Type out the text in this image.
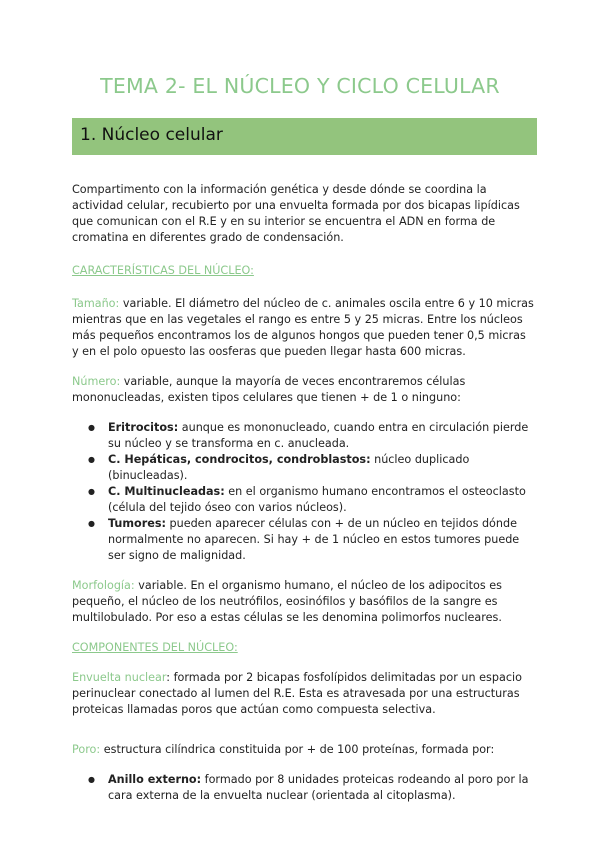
TEMA 2- EL NÚCLEO Y CICLO CELULAR
1. Núcleo celular

Compartimento con la información genética y desde dónde se coordina la actividad celular, recubierto por una envuelta formada por dos bicapas lipídicas que comunican con el R.E y en su interior se encuentra el ADN en forma de cromatina en diferentes grado de condensación.

CARACTERÍSTICAS DEL NÚCLEO:

Tamaño: variable. El diámetro del núcleo de c. animales oscila entre 6 y 10 micras mientras que en las vegetales el rango es entre 5 y 25 micras. Entre los núcleos más pequeños encontramos los de algunos hongos que pueden tener 0,5 micras y en el polo opuesto las oosferas que pueden llegar hasta 600 micras.

Número: variable, aunque la mayoría de veces encontraremos células mononucleadas, existen tipos celulares que tienen + de 1 o ninguno:

● Eritrocitos: aunque es mononucleado, cuando entra en circulación pierde su núcleo y se transforma en c. anucleada.
● C. Hepáticas, condrocitos, condroblastos: núcleo duplicado (binucleadas).
● C. Multinucleadas: en el organismo humano encontramos el osteoclasto (célula del tejido óseo con varios núcleos).
● Tumores: pueden aparecer células con + de un núcleo en tejidos dónde normalmente no aparecen. Si hay + de 1 núcleo en estos tumores puede ser signo de malignidad.

Morfología: variable. En el organismo humano, el núcleo de los adipocitos es pequeño, el núcleo de los neutrófilos, eosinófilos y basófilos de la sangre es multilobulado. Por eso a estas células se les denomina polimorfos nucleares.

COMPONENTES DEL NÚCLEO:

Envuelta nuclear: formada por 2 bicapas fosfolípidos delimitadas por un espacio perinuclear conectado al lumen del R.E. Esta es atravesada por una estructuras proteicas llamadas poros que actúan como compuesta selectiva.

Poro: estructura cilíndrica constituida por + de 100 proteínas, formada por:

● Anillo externo: formado por 8 unidades proteicas rodeando al poro por la cara externa de la envuelta nuclear (orientada al citoplasma).
